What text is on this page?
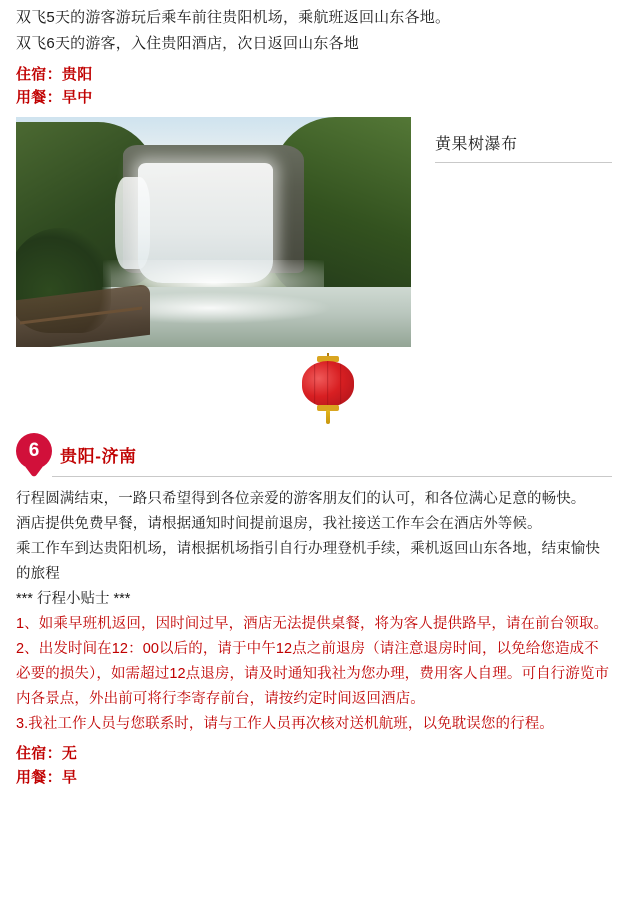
双飞5天的游客游玩后乘车前往贵阳机场，乘航班返回山东各地。

双飞6天的游客，入住贵阳酒店，次日返回山东各地

住宿：贵阳

用餐：早中

黄果树瀑布
6	贵阳-济南

行程圆满结束，一路只希望得到各位亲爱的游客朋友们的认可，和各位满心足意的畅快。

酒店提供免费早餐，请根据通知时间提前退房，我社接送工作车会在酒店外等候。

乘工作车到达贵阳机场，请根据机场指引自行办理登机手续，乘机返回山东各地，结束愉快的旅程

*** 行程小贴士 ***

1、如乘早班机返回，因时间过早，酒店无法提供桌餐，将为客人提供路早，请在前台领取。

2、出发时间在12：00以后的，请于中午12点之前退房（请注意退房时间，以免给您造成不必要的损失），如需超过12点退房，请及时通知我社为您办理，费用客人自理。可自行游览市内各景点，外出前可将行李寄存前台，请按约定时间返回酒店。

3.我社工作人员与您联系时，请与工作人员再次核对送机航班，以免耽误您的行程。

住宿：无

用餐：早
